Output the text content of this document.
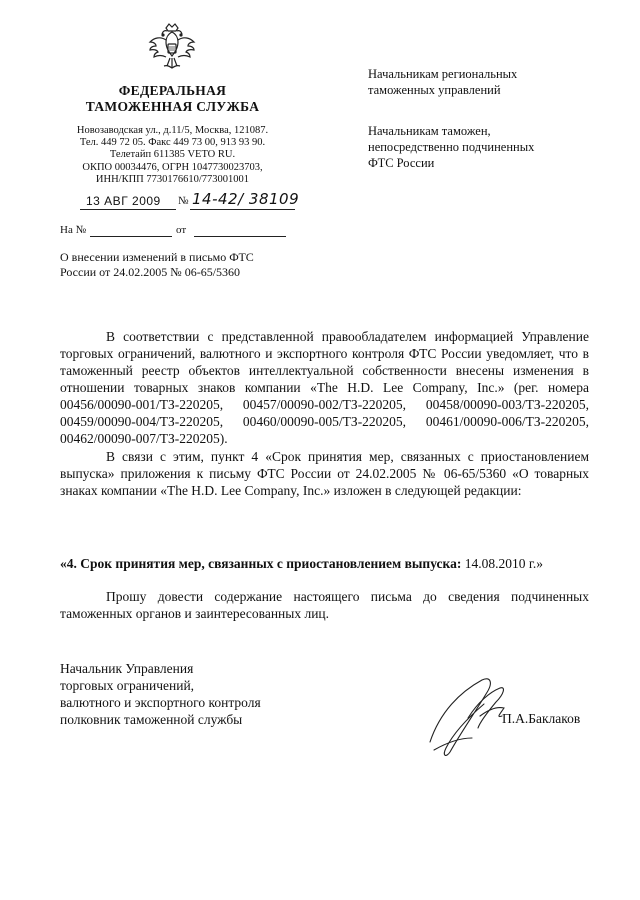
ФЕДЕРАЛЬНАЯ
ТАМОЖЕННАЯ СЛУЖБА
Новозаводская ул., д.11/5, Москва, 121087.
Тел. 449 72 05. Факс 449 73 00, 913 93 90.
Телетайп 611385 VETO RU.
ОКПО 00034476, ОГРН 1047730023703,
ИНН/КПП 7730176610/773001001
13 АВГ 2009	№ 14-42/ 38109
На №	от
О внесении изменений в письмо ФТС
России от 24.02.2005 № 06-65/5360
Начальникам региональных
таможенных управлений
Начальникам таможен,
непосредственно подчиненных
ФТС России

В соответствии с представленной правообладателем информацией Управление торговых ограничений, валютного и экспортного контроля ФТС России уведомляет, что в таможенный реестр объектов интеллектуальной собственности внесены изменения в отношении товарных знаков компании «The H.D. Lee Company, Inc.» (рег. номера 00456/00090-001/ТЗ-220205, 00457/00090-002/ТЗ-220205, 00458/00090-003/ТЗ-220205, 00459/00090-004/ТЗ-220205, 00460/00090-005/ТЗ-220205, 00461/00090-006/ТЗ-220205, 00462/00090-007/ТЗ-220205).

В связи с этим, пункт 4 «Срок принятия мер, связанных с приостановлением выпуска» приложения к письму ФТС России от 24.02.2005 № 06-65/5360 «О товарных знаках компании «The H.D. Lee Company, Inc.» изложен в следующей редакции:

«4. Срок принятия мер, связанных с приостановлением выпуска: 14.08.2010 г.»

Прошу довести содержание настоящего письма до сведения подчиненных таможенных органов и заинтересованных лиц.

Начальник Управления
торговых ограничений,
валютного и экспортного контроля
полковник таможенной службы	П.А.Баклаков
